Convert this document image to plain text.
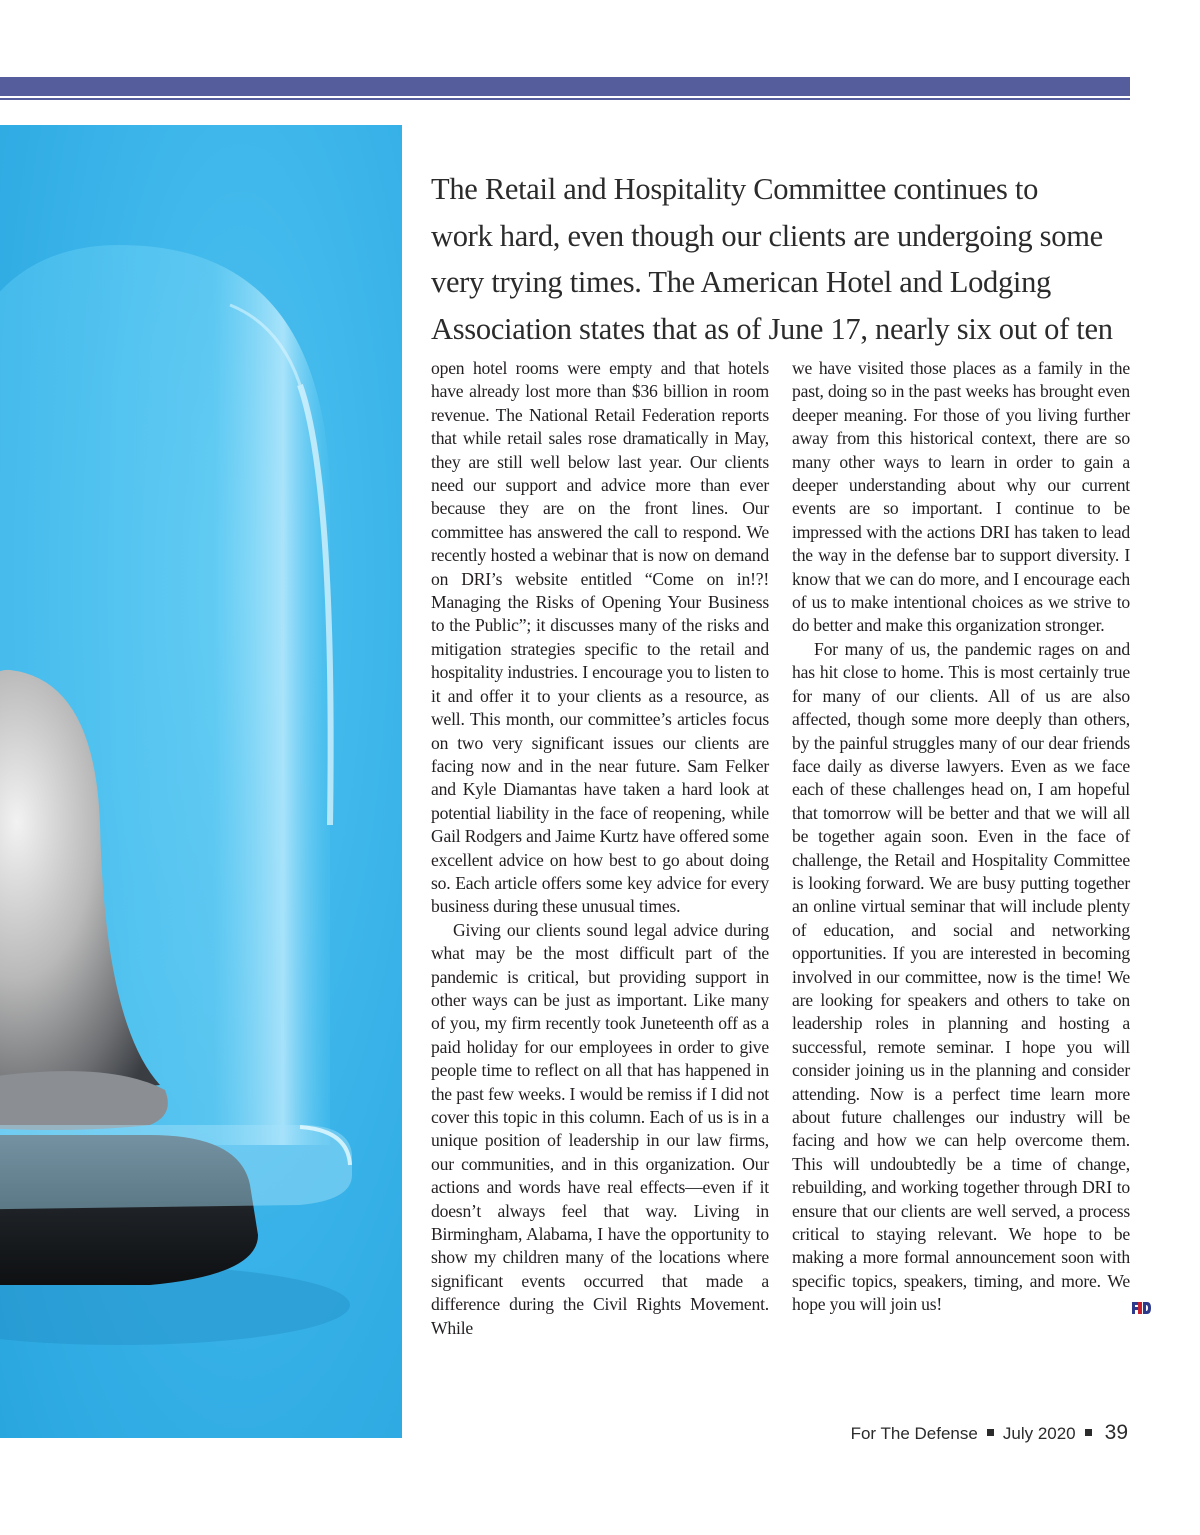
The Retail and Hospitality Committee continues to
work hard, even though our clients are undergoing some
very trying times. The American Hotel and Lodging
Association states that as of June 17, nearly six out of ten

open hotel rooms were empty and that hotels have already lost more than $36 billion in room revenue. The National Retail Federation reports that while retail sales rose dramatically in May, they are still well below last year. Our clients need our support and advice more than ever because they are on the front lines. Our committee has answered the call to respond. We recently hosted a webinar that is now on demand on DRI’s website entitled “Come on in!?! Managing the Risks of Opening Your Business to the Public”; it discusses many of the risks and mitigation strategies specific to the retail and hospitality industries. I encourage you to listen to it and offer it to your clients as a resource, as well. This month, our committee’s articles focus on two very significant issues our clients are facing now and in the near future. Sam Felker and Kyle Diamantas have taken a hard look at potential liability in the face of reopening, while Gail Rodgers and Jaime Kurtz have offered some excellent advice on how best to go about doing so. Each article offers some key advice for every business during these unusual times.

Giving our clients sound legal advice during what may be the most difficult part of the pandemic is critical, but providing support in other ways can be just as important. Like many of you, my firm recently took Juneteenth off as a paid holiday for our employees in order to give people time to reflect on all that has happened in the past few weeks. I would be remiss if I did not cover this topic in this column. Each of us is in a unique position of leadership in our law firms, our communities, and in this organization. Our actions and words have real effects—even if it doesn’t always feel that way. Living in Birmingham, Alabama, I have the opportunity to show my children many of the locations where significant events occurred that made a difference during the Civil Rights Movement. While

we have visited those places as a family in the past, doing so in the past weeks has brought even deeper meaning. For those of you living further away from this historical context, there are so many other ways to learn in order to gain a deeper understanding about why our current events are so important. I continue to be impressed with the actions DRI has taken to lead the way in the defense bar to support diversity. I know that we can do more, and I encourage each of us to make intentional choices as we strive to do better and make this organization stronger.

For many of us, the pandemic rages on and has hit close to home. This is most certainly true for many of our clients. All of us are also affected, though some more deeply than others, by the painful struggles many of our dear friends face daily as diverse lawyers. Even as we face each of these challenges head on, I am hopeful that tomorrow will be better and that we will all be together again soon. Even in the face of challenge, the Retail and Hospitality Committee is looking forward. We are busy putting together an online virtual seminar that will include plenty of education, and social and networking opportunities. If you are interested in becoming involved in our committee, now is the time! We are looking for speakers and others to take on leadership roles in planning and hosting a successful, remote seminar. I hope you will consider joining us in the planning and consider attending. Now is a perfect time learn more about future challenges our industry will be facing and how we can help overcome them. This will undoubtedly be a time of change, rebuilding, and working together through DRI to ensure that our clients are well served, a process critical to staying relevant. We hope to be making a more formal announcement soon with specific topics, speakers, timing, and more. We hope you will join us!

For The Defense July 2020 39
